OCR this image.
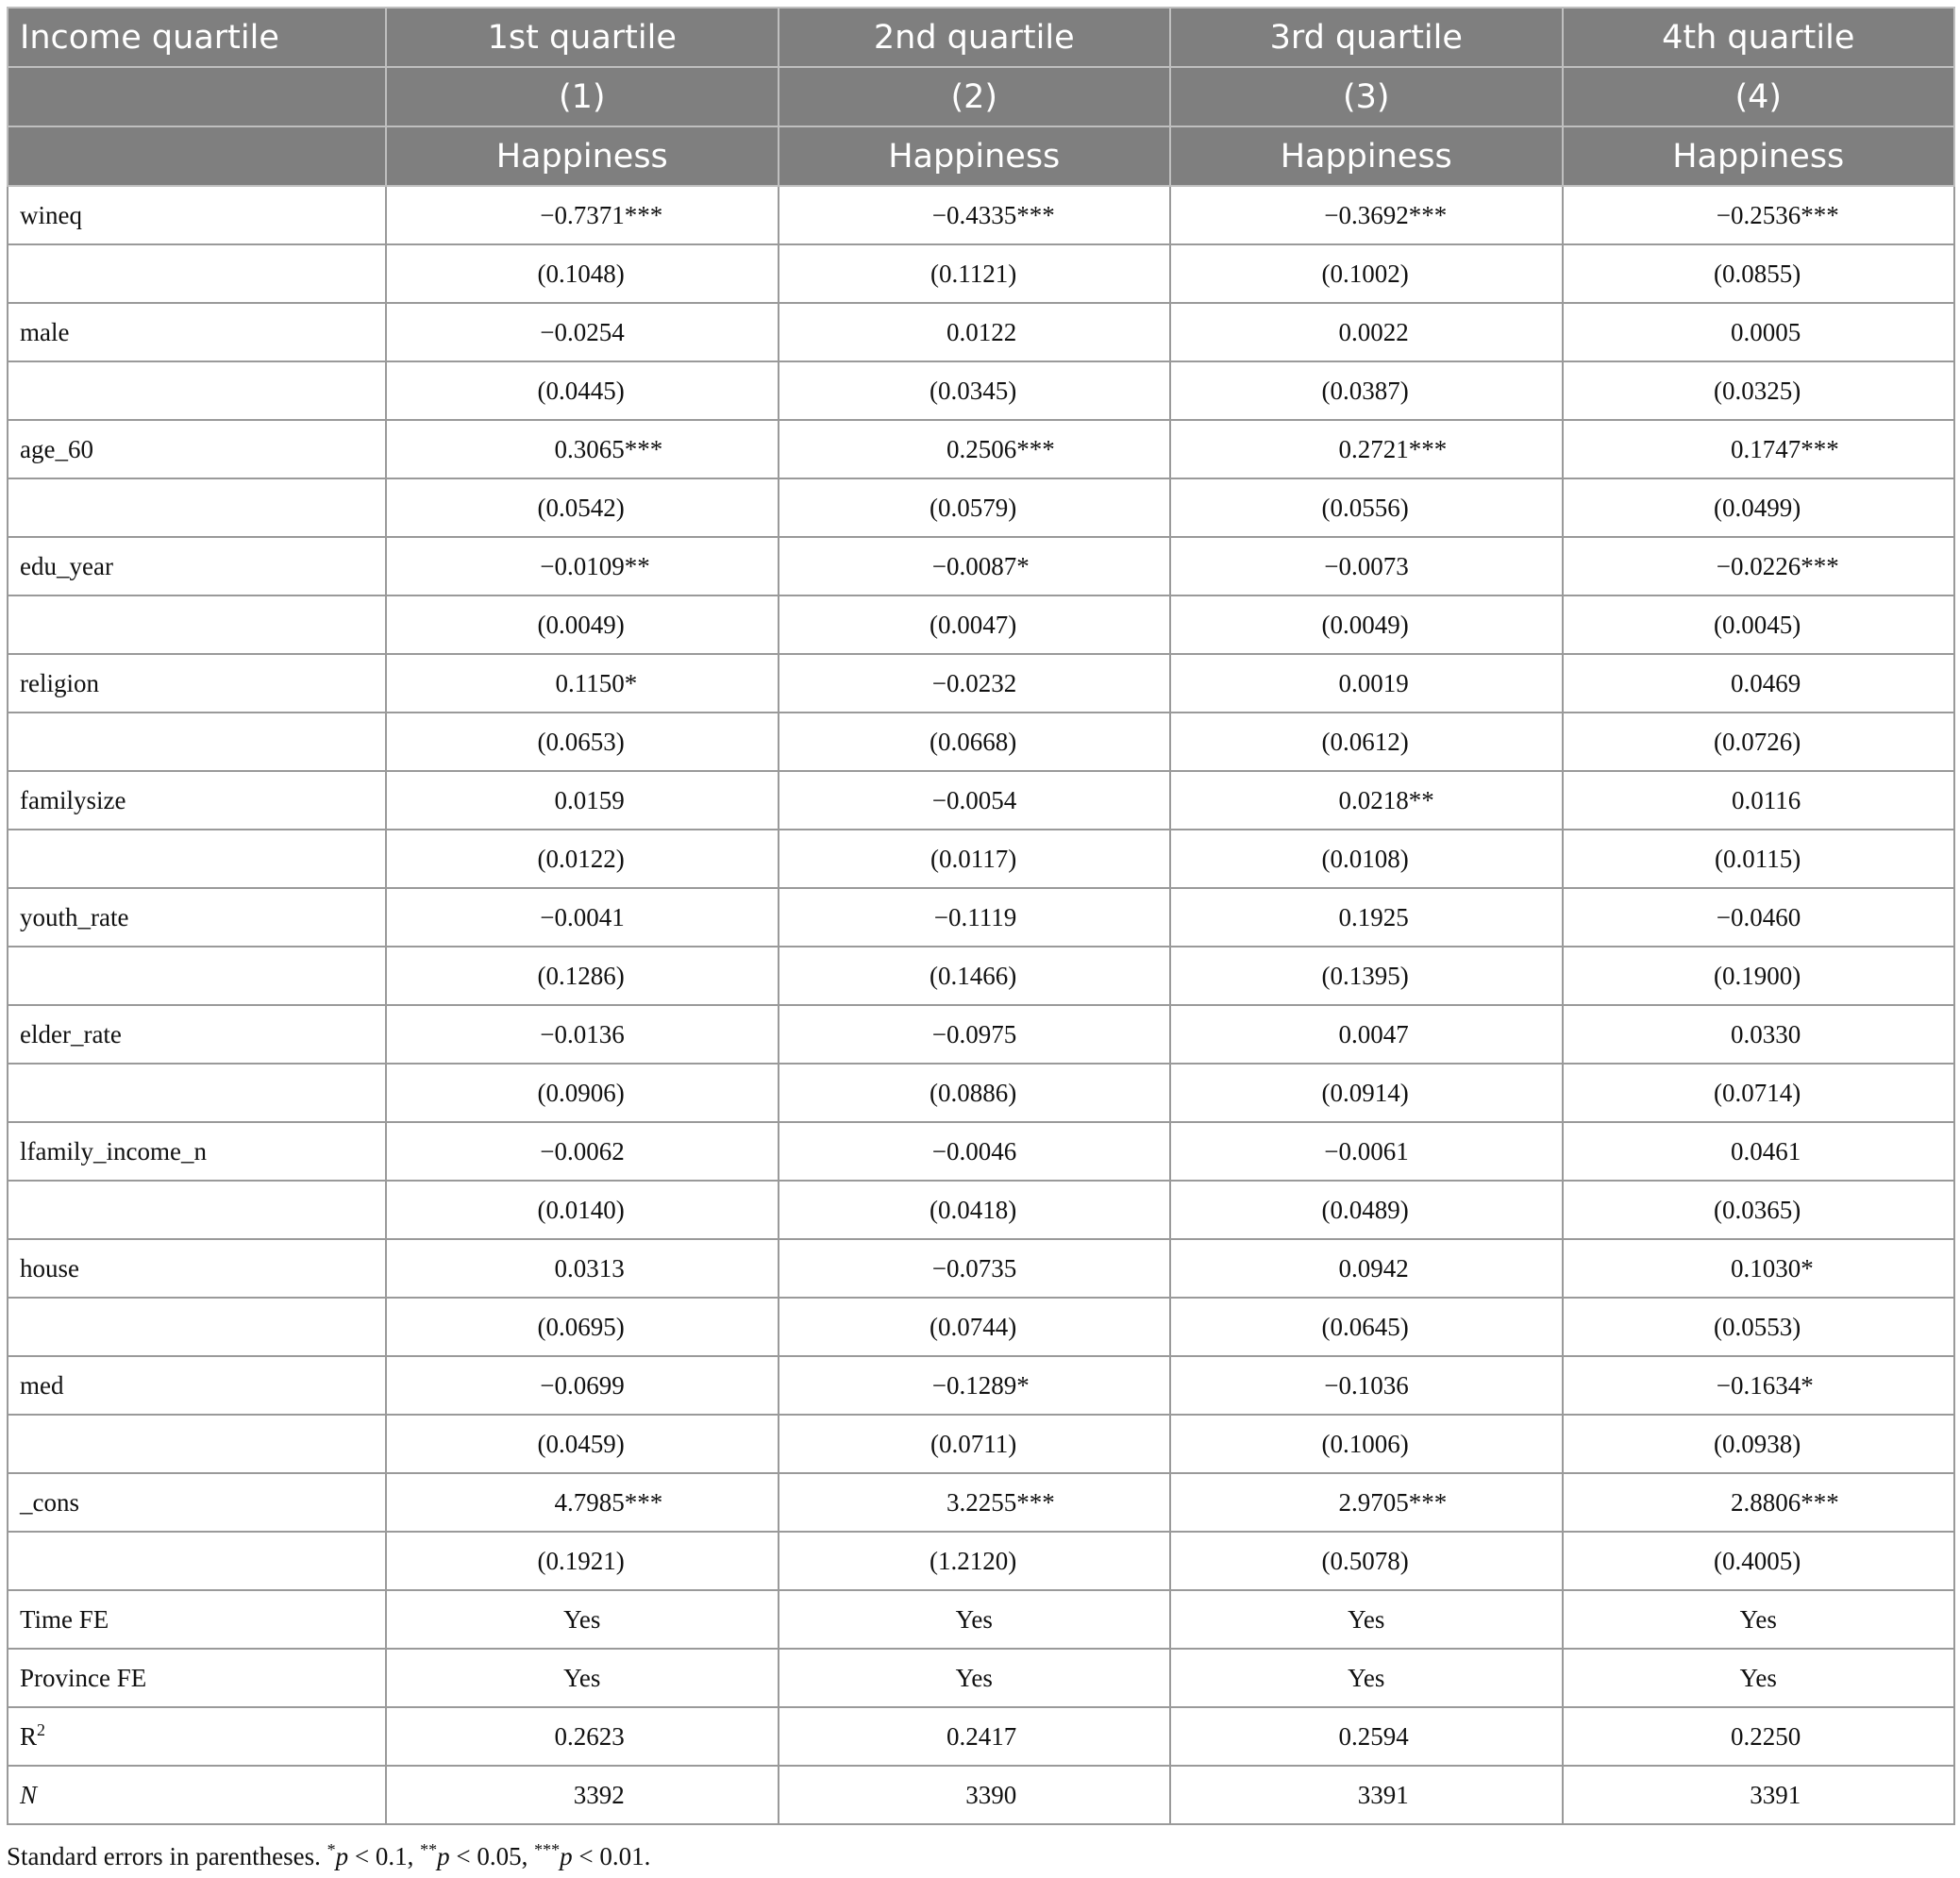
Income quartile	1st quartile	2nd quartile	3rd quartile	4th quartile
	(1)	(2)	(3)	(4)
	Happiness	Happiness	Happiness	Happiness
wineq	−0.7371***	−0.4335***	−0.3692***	−0.2536***
	(0.1048)	(0.1121)	(0.1002)	(0.0855)
male	−0.0254	0.0122	0.0022	0.0005
	(0.0445)	(0.0345)	(0.0387)	(0.0325)
age_60	0.3065***	0.2506***	0.2721***	0.1747***
	(0.0542)	(0.0579)	(0.0556)	(0.0499)
edu_year	−0.0109**	−0.0087*	−0.0073	−0.0226***
	(0.0049)	(0.0047)	(0.0049)	(0.0045)
religion	0.1150*	−0.0232	0.0019	0.0469
	(0.0653)	(0.0668)	(0.0612)	(0.0726)
familysize	0.0159	−0.0054	0.0218**	0.0116
	(0.0122)	(0.0117)	(0.0108)	(0.0115)
youth_rate	−0.0041	−0.1119	0.1925	−0.0460
	(0.1286)	(0.1466)	(0.1395)	(0.1900)
elder_rate	−0.0136	−0.0975	0.0047	0.0330
	(0.0906)	(0.0886)	(0.0914)	(0.0714)
lfamily_income_n	−0.0062	−0.0046	−0.0061	0.0461
	(0.0140)	(0.0418)	(0.0489)	(0.0365)
house	0.0313	−0.0735	0.0942	0.1030*
	(0.0695)	(0.0744)	(0.0645)	(0.0553)
med	−0.0699	−0.1289*	−0.1036	−0.1634*
	(0.0459)	(0.0711)	(0.1006)	(0.0938)
_cons	4.7985***	3.2255***	2.9705***	2.8806***
	(0.1921)	(1.2120)	(0.5078)	(0.4005)
Time FE	Yes	Yes	Yes	Yes
Province FE	Yes	Yes	Yes	Yes
$R^2$	0.2623	0.2417	0.2594	0.2250
N	3392	3390	3391	3391
Standard errors in parentheses. *p < 0.1, **p < 0.05, ***p < 0.01.
